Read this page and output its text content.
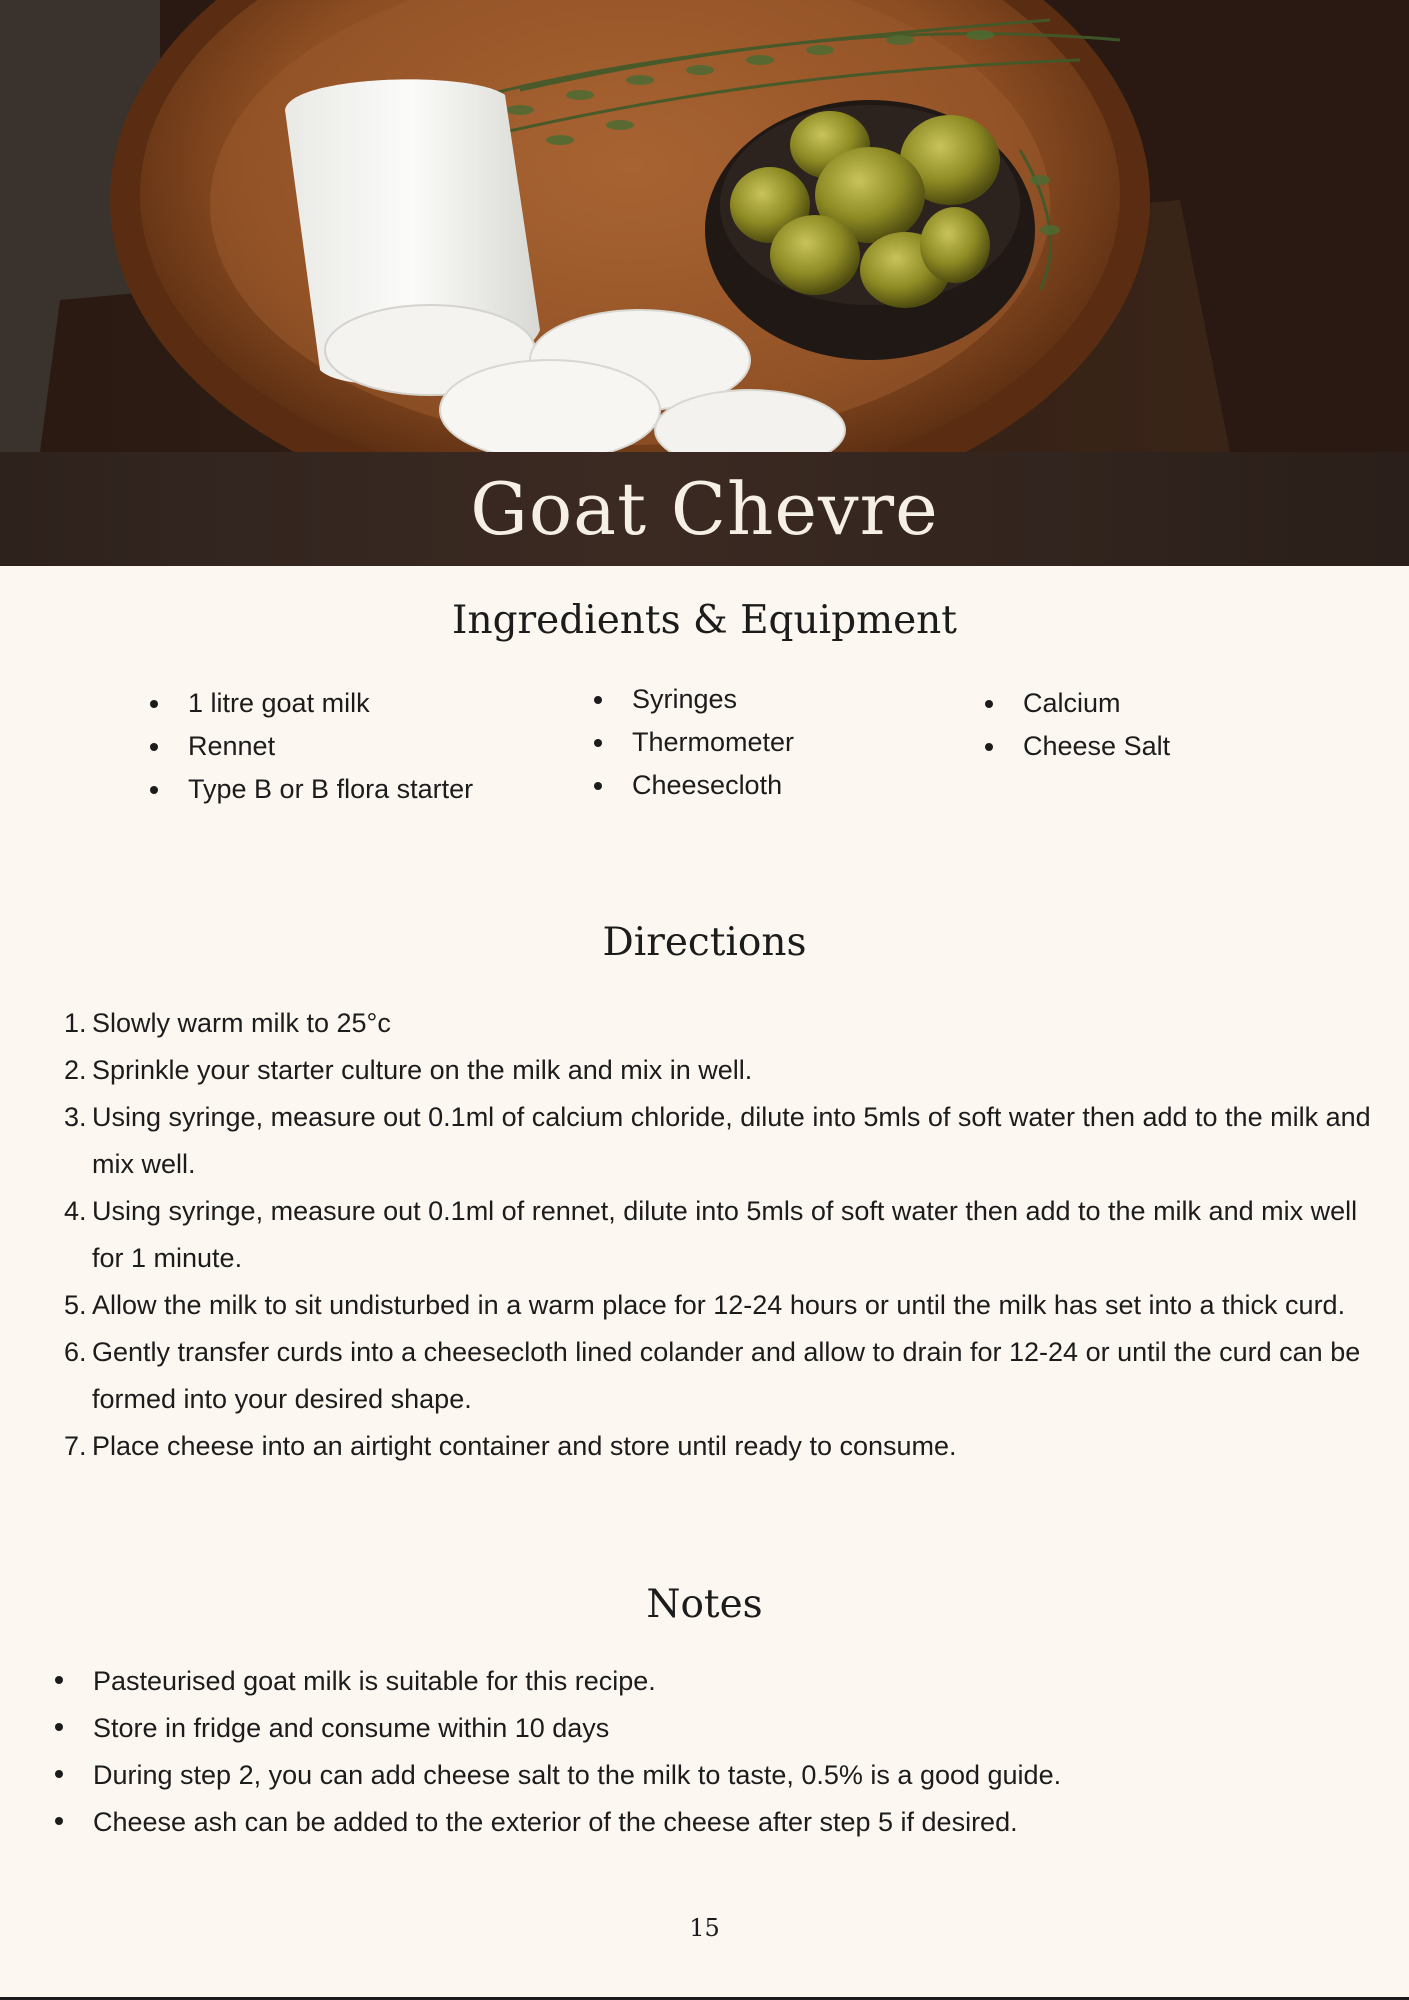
Goat Chevre
Ingredients & Equipment
1 litre goat milk
Rennet
Type B or B flora starter
Syringes
Thermometer
Cheesecloth
Calcium
Cheese Salt
Directions
1. Slowly warm milk to 25°c
2. Sprinkle your starter culture on the milk and mix in well.
3. Using syringe, measure out 0.1ml of calcium chloride, dilute into 5mls of soft water then add to the milk and mix well.
4. Using syringe, measure out 0.1ml of rennet, dilute into 5mls of soft water then add to the milk and mix well for 1 minute.
5. Allow the milk to sit undisturbed in a warm place for 12-24 hours or until the milk has set into a thick curd.
6. Gently transfer curds into a cheesecloth lined colander and allow to drain for 12-24 or until the curd can be formed into your desired shape.
7. Place cheese into an airtight container and store until ready to consume.
Notes
Pasteurised goat milk is suitable for this recipe.
Store in fridge and consume within 10 days
During step 2, you can add cheese salt to the milk to taste, 0.5% is a good guide.
Cheese ash can be added to the exterior of the cheese after step 5 if desired.
15
